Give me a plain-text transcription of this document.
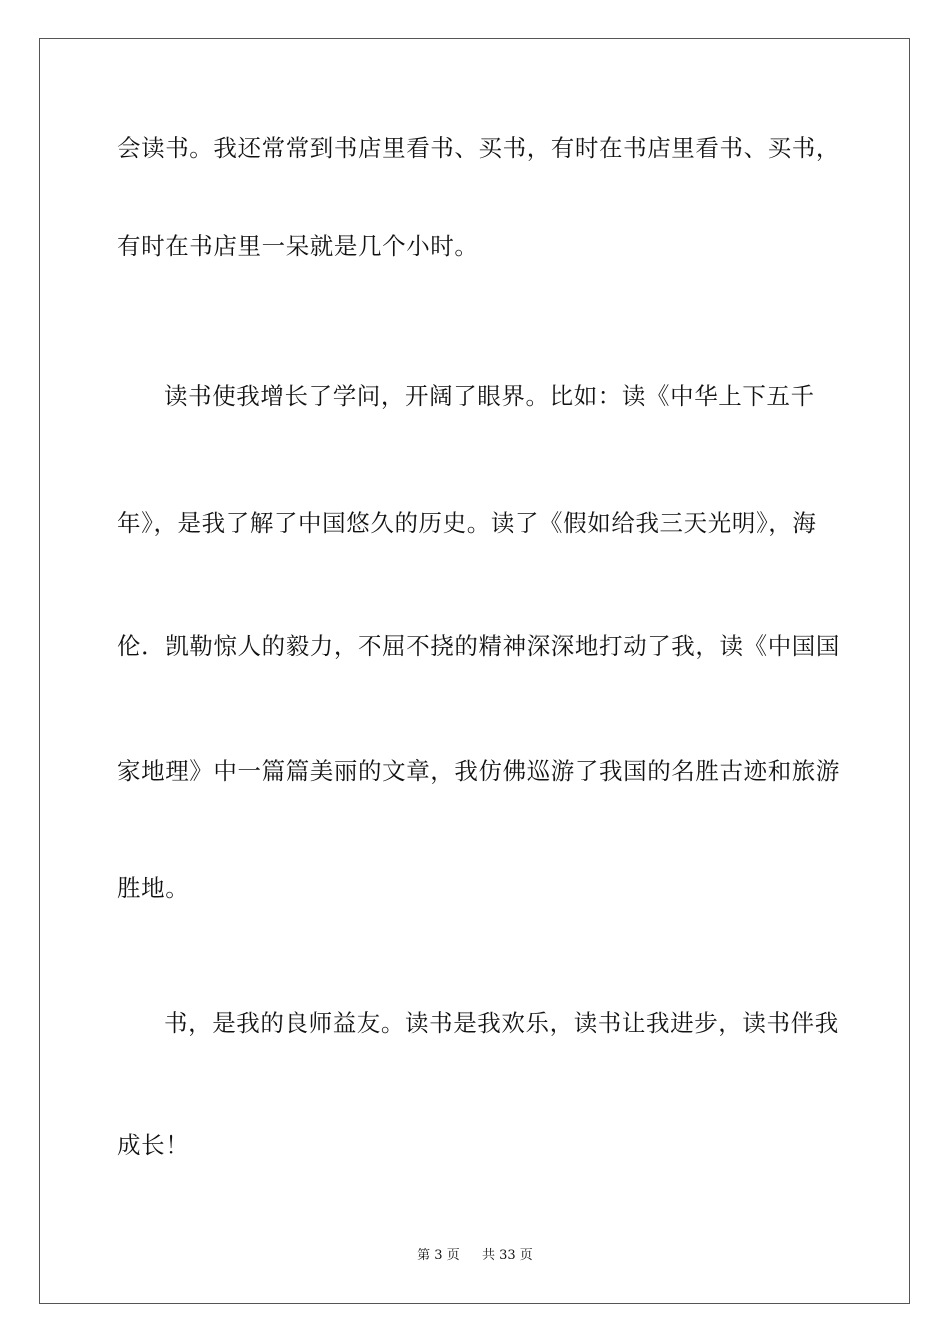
会读书。我还常常到书店里看书、买书，有时在书店里看书、买书，
有时在书店里一呆就是几个小时。
读书使我增长了学问，开阔了眼界。比如：读《中华上下五千
年》，是我了解了中国悠久的历史。读了《假如给我三天光明》，海
伦．凯勒惊人的毅力，不屈不挠的精神深深地打动了我，读《中国国
家地理》中一篇篇美丽的文章，我仿佛巡游了我国的名胜古迹和旅游
胜地。
书，是我的良师益友。读书是我欢乐，读书让我进步，读书伴我
成长！
第 3 页 共 33 页
